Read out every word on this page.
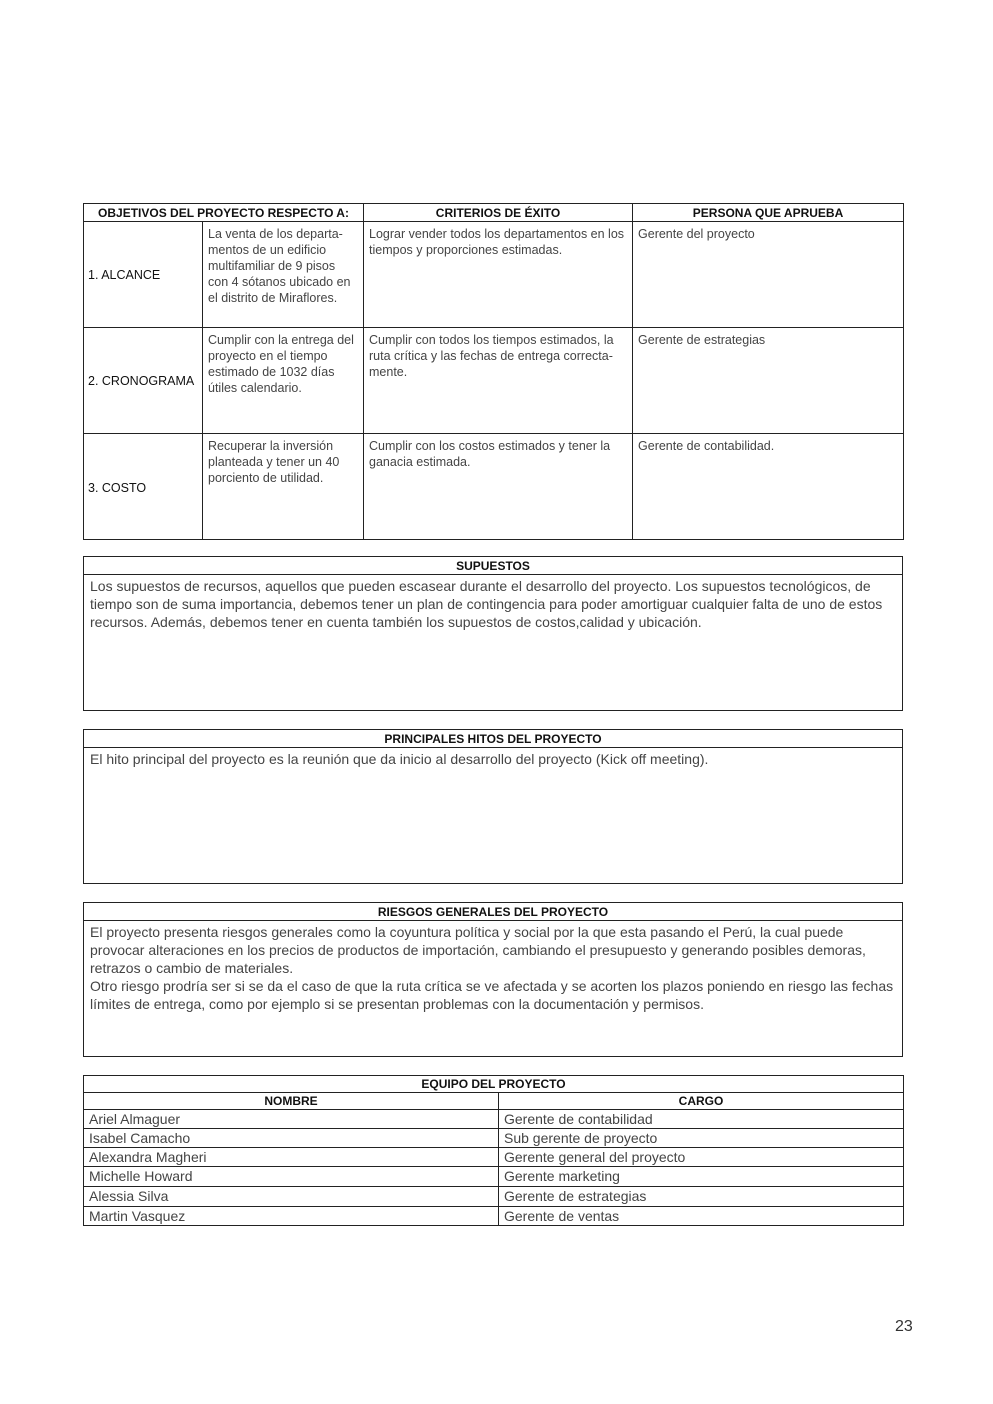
OBJETIVOS DEL PROYECTO RESPECTO A:		CRITERIOS DE ÉXITO	PERSONA QUE APRUEBA
1. ALCANCE	La venta de los departa- mentos de un edificio multifamiliar de 9 pisos con 4 sótanos ubicado en el distrito de Miraflores.	Lograr vender todos los departamentos en los tiempos y proporciones estimadas.	Gerente del proyecto
2. CRONOGRAMA	Cumplir con la entrega del proyecto en el tiempo estimado de 1032 días útiles calendario.	Cumplir con todos los tiempos estimados, la ruta crítica y las fechas de entrega correcta- mente.	Gerente de estrategias
3. COSTO	Recuperar la inversión planteada y tener un 40 porciento de utilidad.	Cumplir con los costos estimados y tener la ganacia estimada.	Gerente de contabilidad.
SUPUESTOS
Los supuestos de recursos, aquellos que pueden escasear durante el desarrollo del proyecto. Los supuestos tecnológicos, de tiempo son de suma importancia, debemos tener un plan de contingencia para poder amortiguar cualquier falta de uno de estos recursos. Además, debemos tener en cuenta también los supuestos de costos,calidad y ubicación.
PRINCIPALES HITOS DEL PROYECTO
El hito principal del proyecto es la reunión que da inicio al desarrollo del proyecto (Kick off meeting).
RIESGOS GENERALES DEL PROYECTO

El proyecto presenta riesgos generales como la coyuntura política y social por la que esta pasando el Perú, la cual puede provocar alteraciones en los precios de productos de importación, cambiando el presupuesto y generando posibles demoras, retrazos o cambio de materiales.
Otro riesgo prodría ser si se da el caso de que la ruta crítica se ve afectada y se acorten los plazos poniendo en riesgo las fechas límites de entrega, como por ejemplo si se presentan problemas con la documentación y permisos.
EQUIPO DEL PROYECTO	
NOMBRE	CARGO
Ariel Almaguer	Gerente de contabilidad
Isabel Camacho	Sub gerente de proyecto
Alexandra Magheri	Gerente general del proyecto
Michelle Howard	Gerente marketing
Alessia Silva	Gerente de estrategias
Martin Vasquez	Gerente de ventas
23
